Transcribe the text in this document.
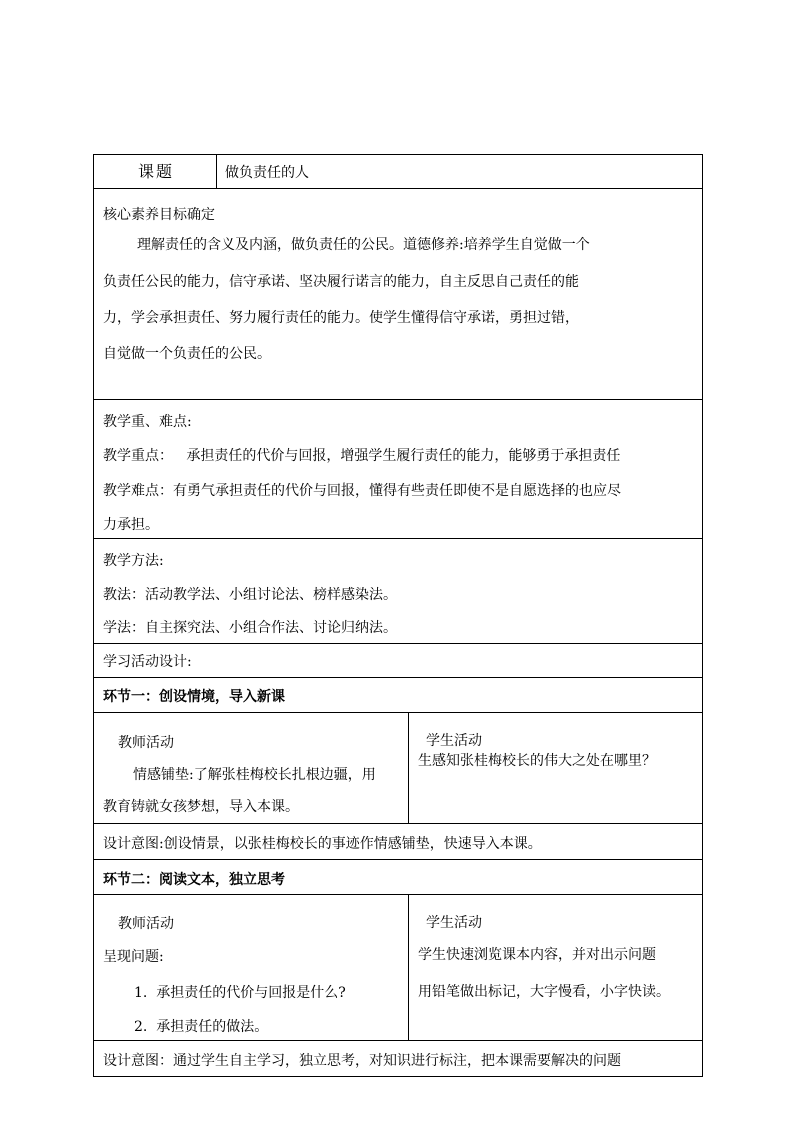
课题	做负责任的人
核心素养目标确定
理解责任的含义及内涵，做负责任的公民。道德修养:培养学生自觉做一个
负责任公民的能力，信守承诺、坚决履行诺言的能力，自主反思自己责任的能
力，学会承担责任、努力履行责任的能力。使学生懂得信守承诺，勇担过错，
自觉做一个负责任的公民。
教学重、难点:
教学重点：   承担责任的代价与回报，增强学生履行责任的能力，能够勇于承担责任
教学难点：有勇气承担责任的代价与回报，懂得有些责任即使不是自愿选择的也应尽
力承担。
教学方法:
教法：活动教学法、小组讨论法、榜样感染法。
学法：自主探究法、小组合作法、讨论归纳法。
学习活动设计:
环节一：创设情境，导入新课
教师活动
情感铺垫:了解张桂梅校长扎根边疆，用
教育铸就女孩梦想，导入本课。
学生活动
生感知张桂梅校长的伟大之处在哪里？
设计意图:创设情景，以张桂梅校长的事迹作情感铺垫，快速导入本课。
环节二：阅读文本，独立思考
教师活动
呈现问题:
1.  承担责任的代价与回报是什么?
2.  承担责任的做法。
学生活动
学生快速浏览课本内容，并对出示问题
用铅笔做出标记，大字慢看，小字快读。
设计意图：通过学生自主学习，独立思考，对知识进行标注，把本课需要解决的问题
